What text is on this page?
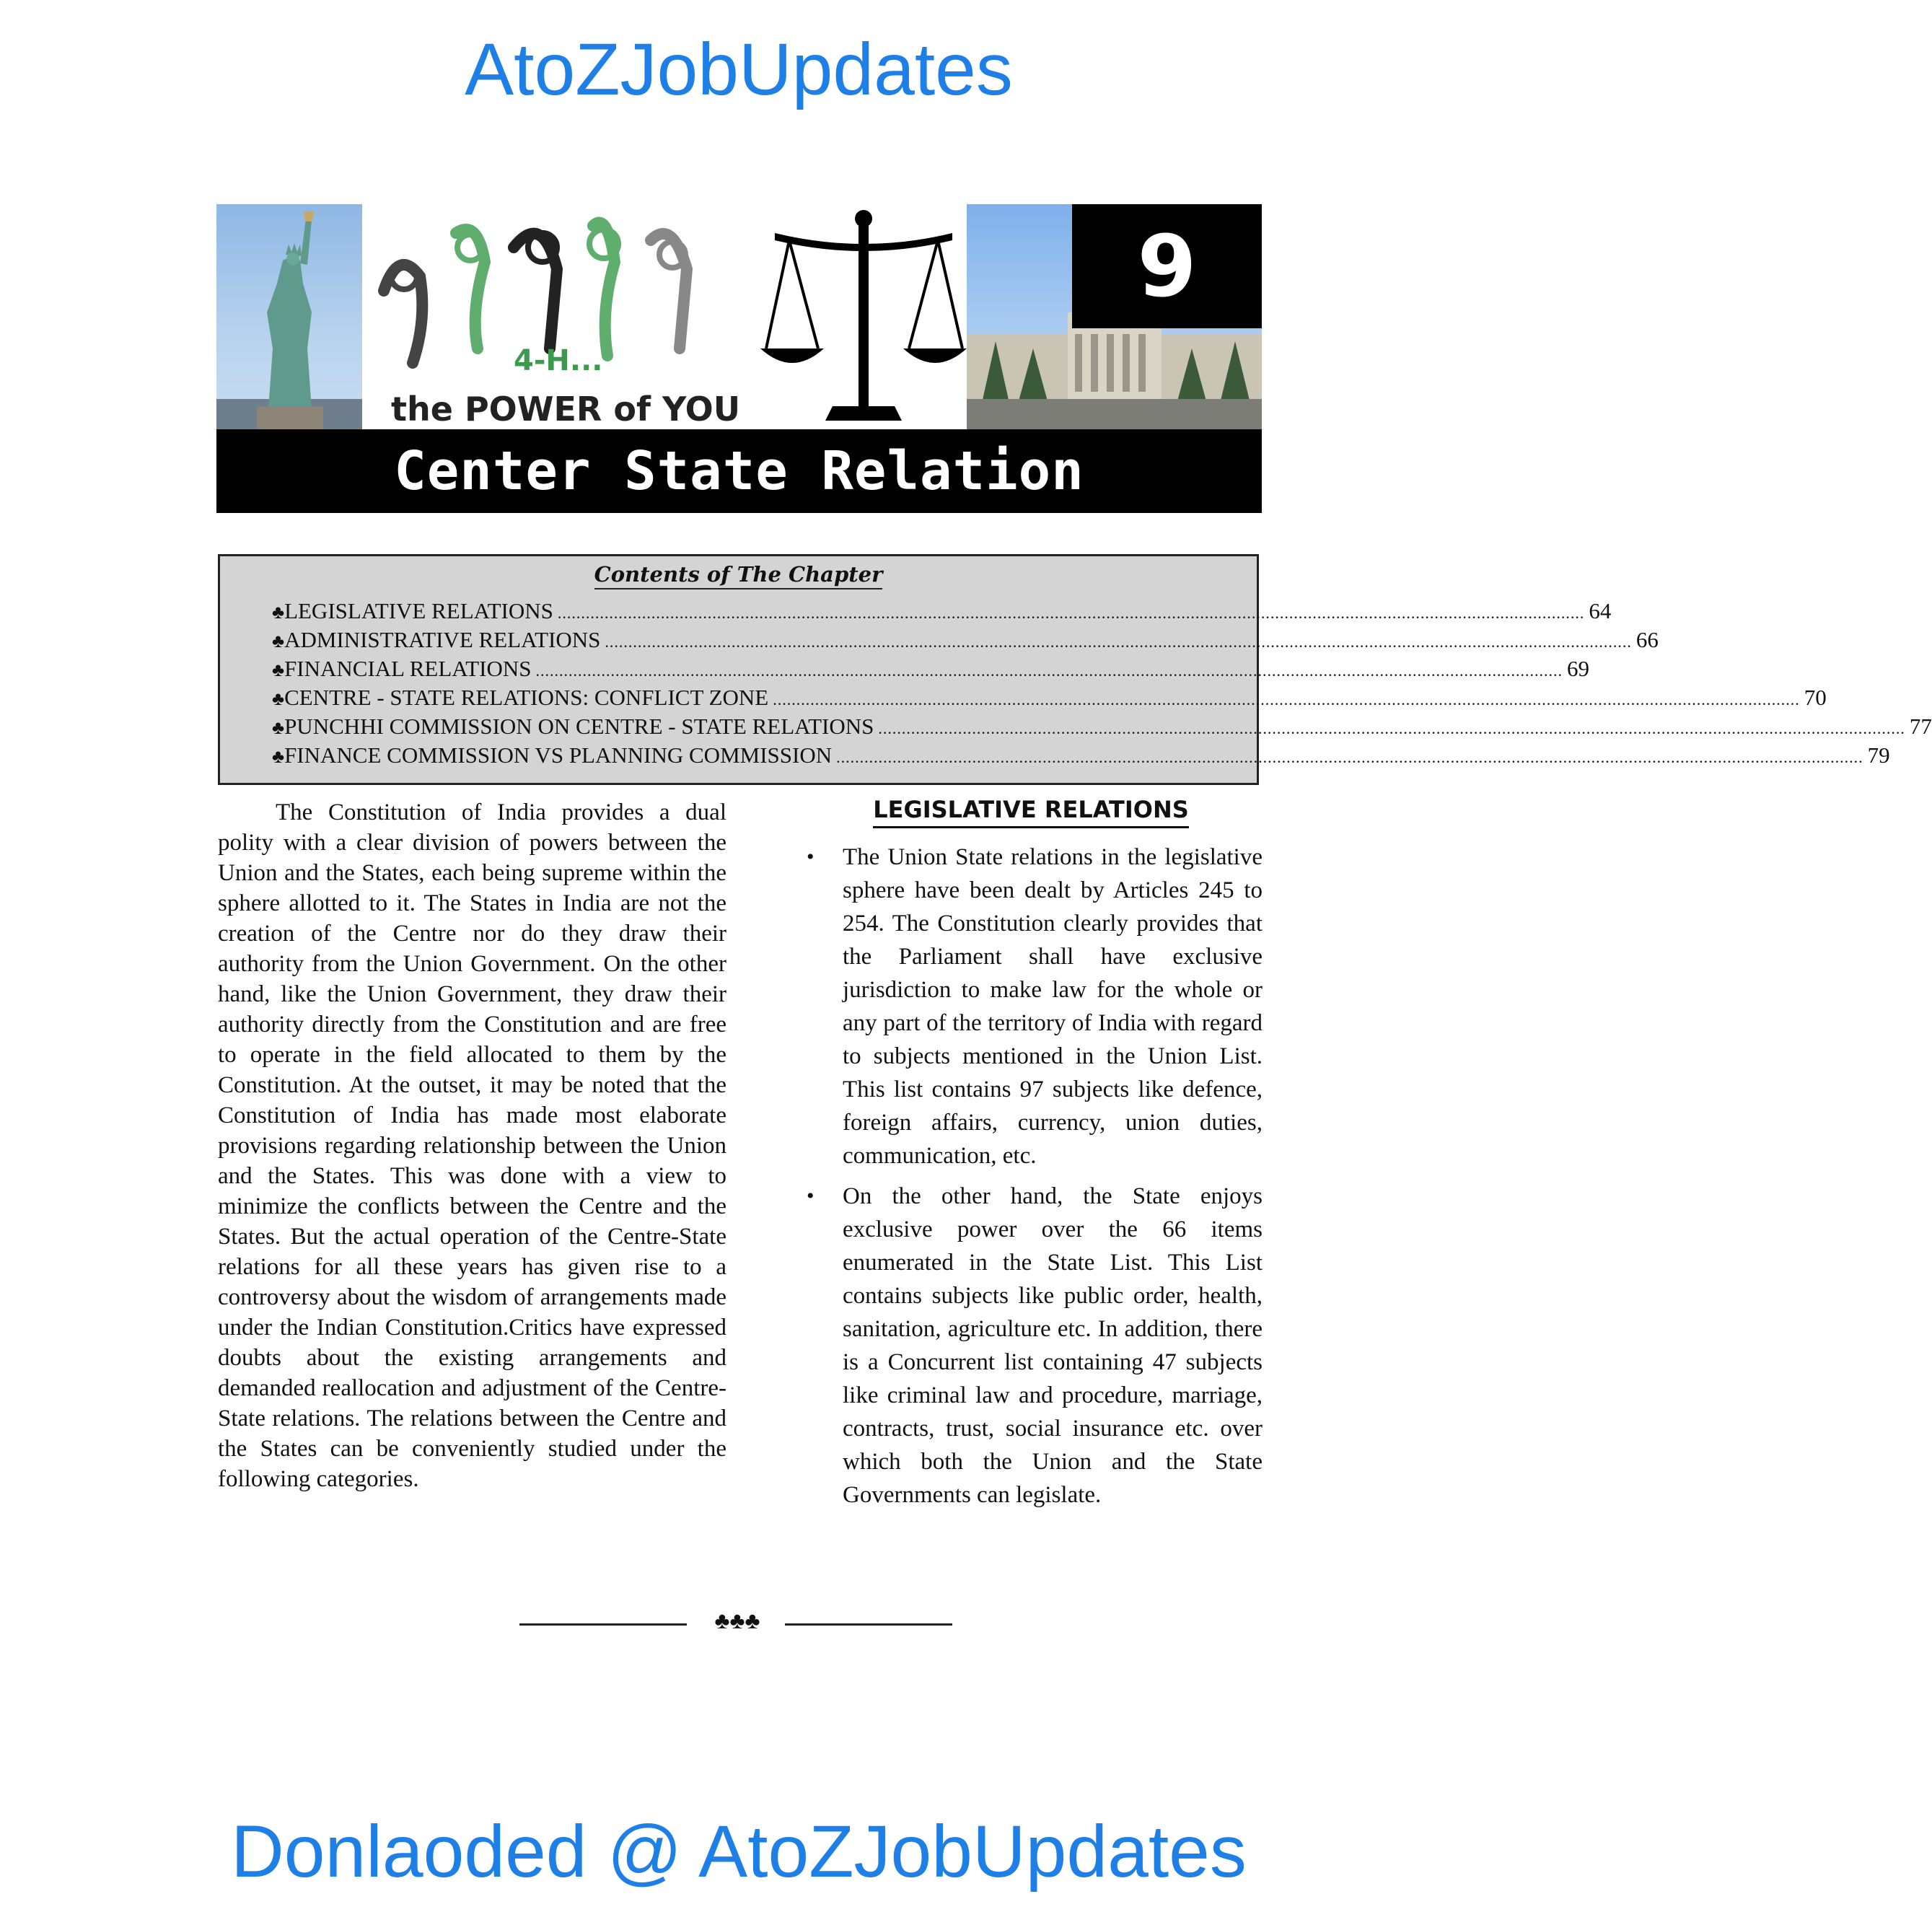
AtoZJobUpdates
4-H...
the POWER of YOU
9
Center State Relation
Contents of The Chapter
♣ LEGISLATIVE RELATIONS ........................................................................................................................................................................................................................... 64
♣ ADMINISTRATIVE RELATIONS ........................................................................................................................................................................................................................... 66
♣ FINANCIAL RELATIONS ........................................................................................................................................................................................................................... 69
♣ CENTRE - STATE RELATIONS: CONFLICT ZONE ........................................................................................................................................................................................................................... 70
♣ PUNCHHI COMMISSION ON CENTRE - STATE RELATIONS ........................................................................................................................................................................................................................... 77
♣ FINANCE COMMISSION VS PLANNING COMMISSION ........................................................................................................................................................................................................................... 79

The Constitution of India provides a dual polity with a clear division of powers between the Union and the States, each being supreme within the sphere allotted to it. The States in India are not the creation of the Centre nor do they draw their authority from the Union Government. On the other hand, like the Union Government, they draw their authority directly from the Constitution and are free to operate in the field allocated to them by the Constitution. At the outset, it may be noted that the Constitution of India has made most elaborate provisions regarding relationship between the Union and the States. This was done with a view to minimize the conflicts between the Centre and the States. But the actual operation of the Centre-State relations for all these years has given rise to a controversy about the wisdom of arrangements made under the Indian Constitution.Critics have expressed doubts about the existing arrangements and demanded reallocation and adjustment of the Centre-State relations. The relations between the Centre and the States can be conveniently studied under the following categories.

LEGISLATIVE RELATIONS
• The Union State relations in the legislative sphere have been dealt by Articles 245 to 254. The Constitution clearly provides that the Parliament shall have exclusive jurisdiction to make law for the whole or any part of the territory of India with regard to subjects mentioned in the Union List. This list contains 97 subjects like defence, foreign affairs, currency, union duties, communication, etc.
• On the other hand, the State enjoys exclusive power over the 66 items enumerated in the State List. This List contains subjects like public order, health, sanitation, agriculture etc. In addition, there is a Concurrent list containing 47 subjects like criminal law and procedure, marriage, contracts, trust, social insurance etc. over which both the Union and the State Governments can legislate.
♣♣♣
Donlaoded @ AtoZJobUpdates
